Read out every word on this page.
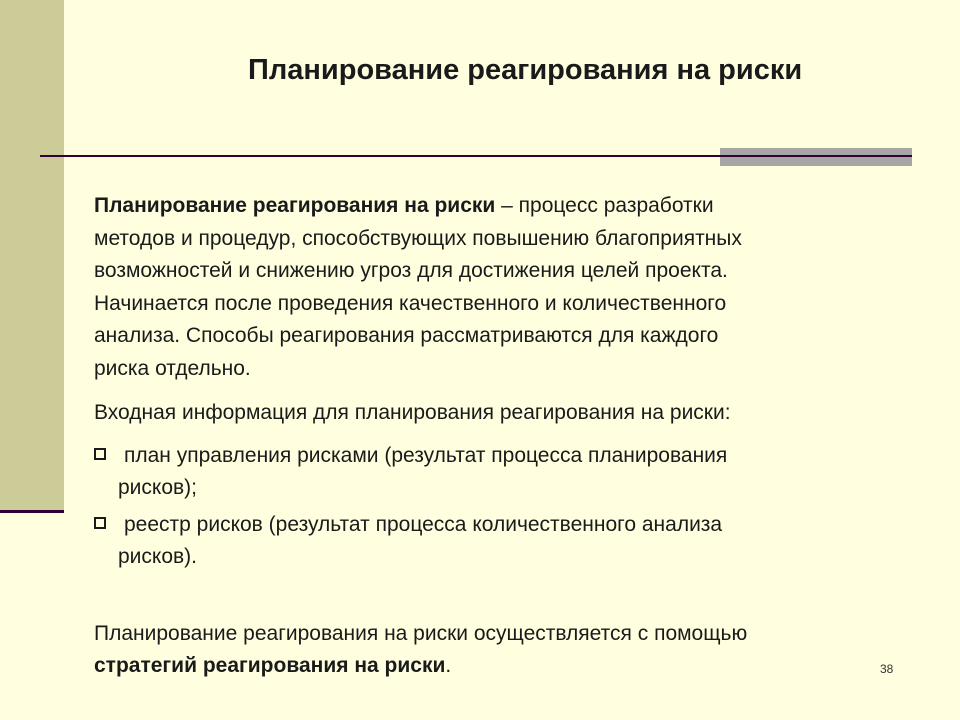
Планирование реагирования на риски

Планирование реагирования на риски – процесс разработки
методов и процедур, способствующих повышению благоприятных
возможностей и снижению угроз для достижения целей проекта.
Начинается после проведения качественного и количественного
анализа. Способы реагирования рассматриваются для каждого
риска отдельно.

Входная информация для планирования реагирования на риски:

план управления рисками (результат процесса планирования
рисков);
реестр рисков (результат процесса количественного анализа
рисков).

Планирование реагирования на риски осуществляется с помощью
стратегий реагирования на риски.	38
